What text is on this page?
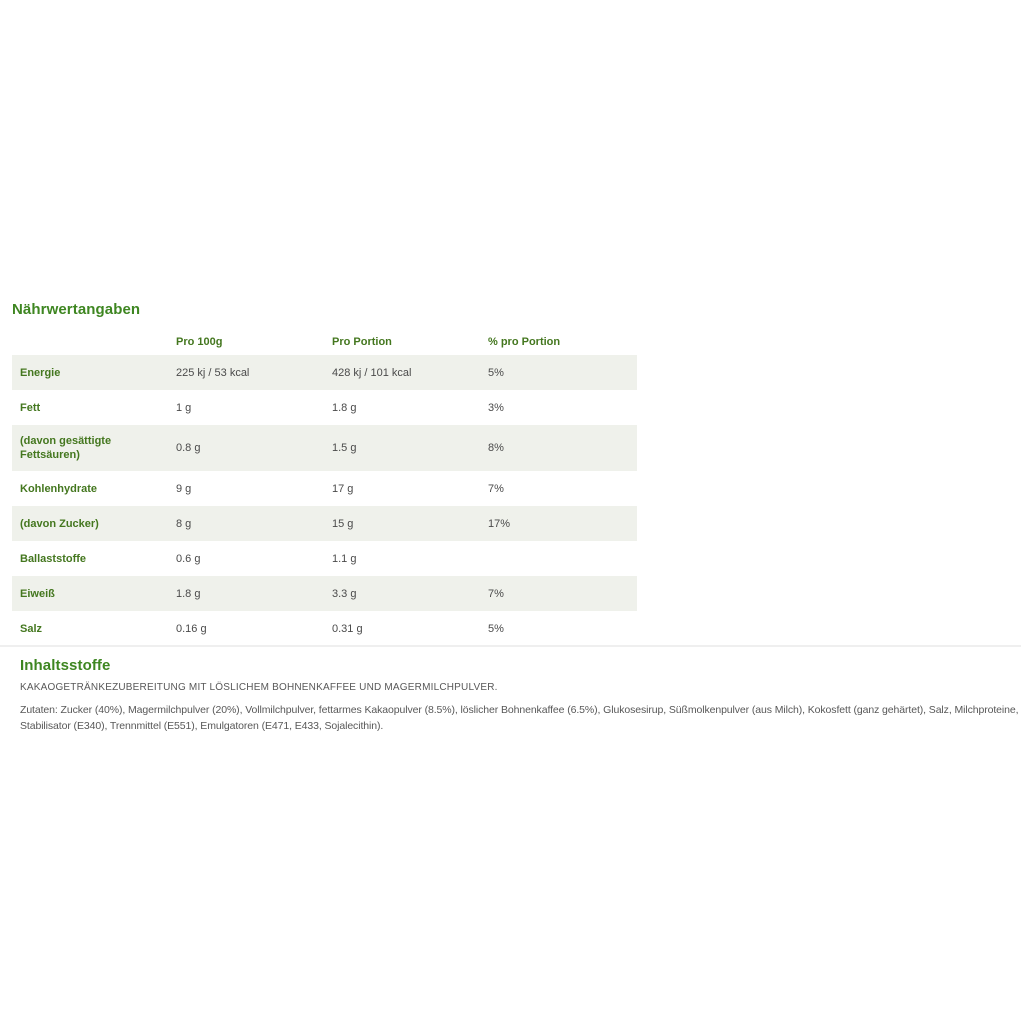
Nährwertangaben
	Pro 100g	Pro Portion	% pro Portion
Energie	225 kj / 53 kcal	428 kj / 101 kcal	5%
Fett	1 g	1.8 g	3%
(davon gesättigte Fettsäuren)	0.8 g	1.5 g	8%
Kohlenhydrate	9 g	17 g	7%
(davon Zucker)	8 g	15 g	17%
Ballaststoffe	0.6 g	1.1 g	
Eiweiß	1.8 g	3.3 g	7%
Salz	0.16 g	0.31 g	5%
Inhaltsstoffe
KAKAOGETRÄNKEZUBEREITUNG MIT LÖSLICHEM BOHNENKAFFEE UND MAGERMILCHPULVER.

Zutaten: Zucker (40%), Magermilchpulver (20%), Vollmilchpulver, fettarmes Kakaopulver (8.5%), löslicher Bohnenkaffee (6.5%), Glukosesirup, Süßmolkenpulver (aus Milch), Kokosfett (ganz gehärtet), Salz, Milchproteine, Stabilisator (E340), Trennmittel (E551), Emulgatoren (E471, E433, Sojalecithin).
